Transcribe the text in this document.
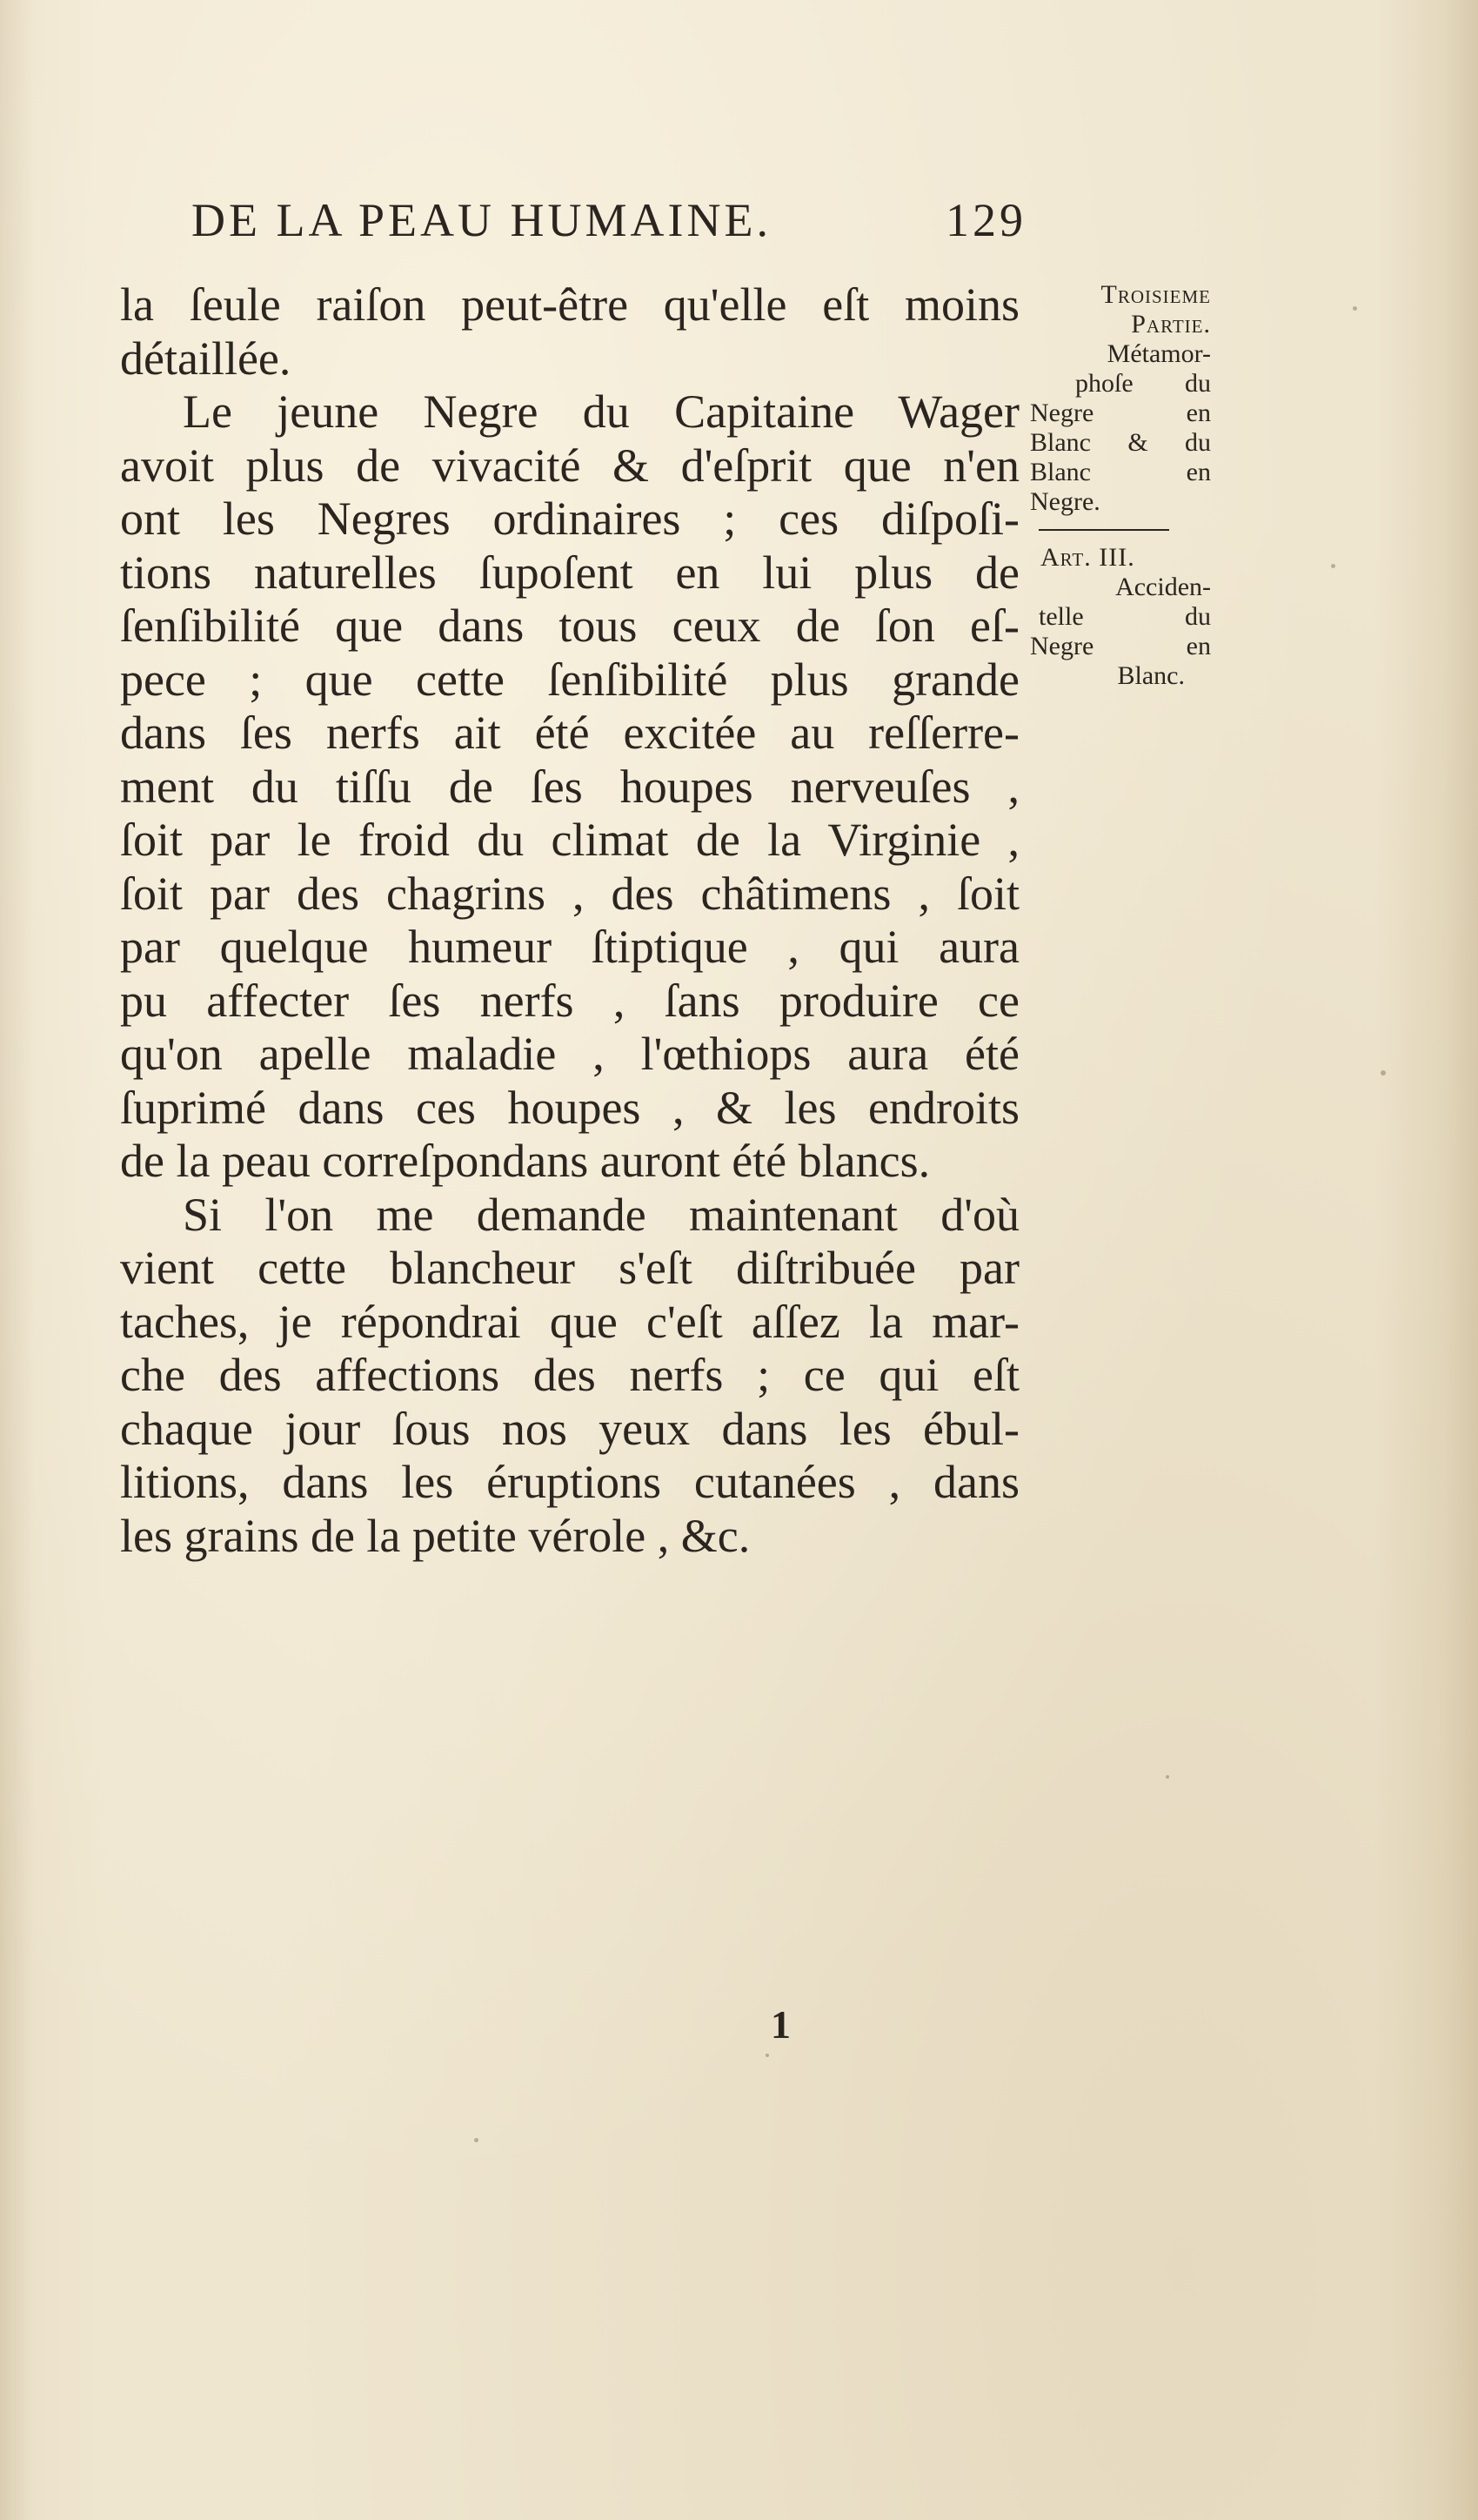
DE LA PEAU HUMAINE.	129
la ſeule raiſon peut-être qu'elle eſt moins
détaillée.
Le jeune Negre du Capitaine Wager
avoit plus de vivacité & d'eſprit que n'en
ont les Negres ordinaires ; ces diſpoſi-
tions naturelles ſupoſent en lui plus de
ſenſibilité que dans tous ceux de ſon eſ-
pece ; que cette ſenſibilité plus grande
dans ſes nerfs ait été excitée au reſſerre-
ment du tiſſu de ſes houpes nerveuſes ,
ſoit par le froid du climat de la Virginie ,
ſoit par des chagrins , des châtimens , ſoit
par quelque humeur ſtiptique , qui aura
pu affecter ſes nerfs , ſans produire ce
qu'on apelle maladie , l'œthiops aura été
ſuprimé dans ces houpes , & les endroits
de la peau correſpondans auront été blancs.
Si l'on me demande maintenant d'où
vient cette blancheur s'eſt diſtribuée par
taches, je répondrai que c'eſt aſſez la mar-
che des affections des nerfs ; ce qui eſt
chaque jour ſous nos yeux dans les ébul-
litions, dans les éruptions cutanées , dans
les grains de la petite vérole , &c.
Troisieme
Partie.
Métamor-
phoſe du
Negre en
Blanc & du
Blanc en
Negre.
Art. III.
Acciden-
telle du
Negre en
Blanc.
1
